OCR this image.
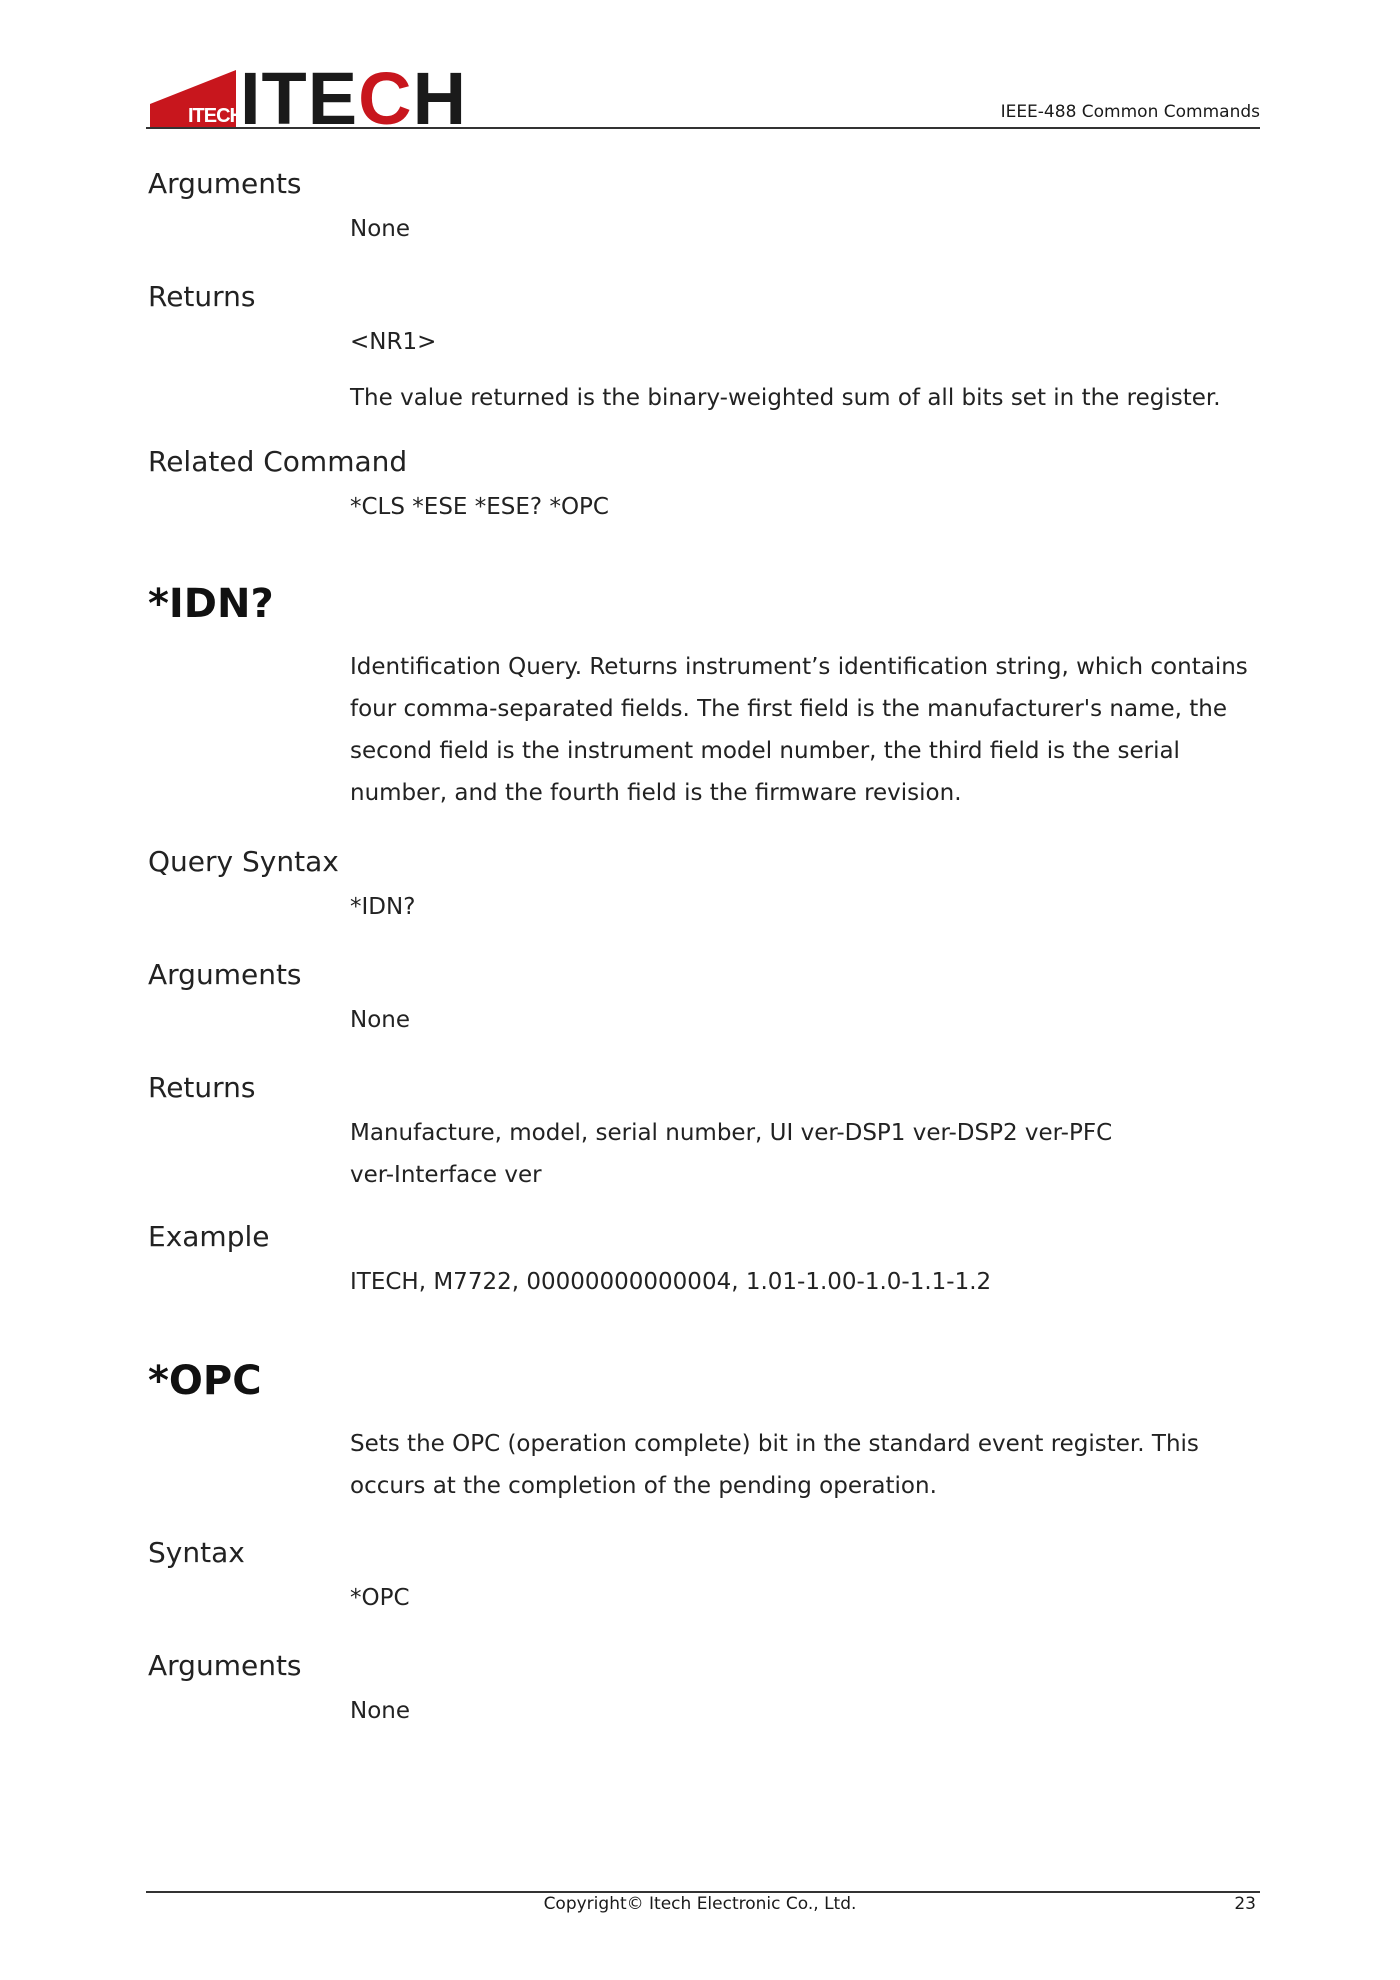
ITECH
ITECH	IEEE-488 Common Commands
Arguments
None
Returns
<NR1>
The value returned is the binary-weighted sum of all bits set in the register.
Related Command
*CLS *ESE *ESE? *OPC
*IDN?
Identification Query. Returns instrument’s identification string, which contains four comma-separated fields. The first field is the manufacturer's name, the second field is the instrument model number, the third field is the serial number, and the fourth field is the firmware revision.
Query Syntax
*IDN?
Arguments
None
Returns
Manufacture, model, serial number, UI ver-DSP1 ver-DSP2 ver-PFC ver-Interface ver
Example
ITECH, M7722, 00000000000004, 1.01-1.00-1.0-1.1-1.2
*OPC
Sets the OPC (operation complete) bit in the standard event register. This occurs at the completion of the pending operation.
Syntax
*OPC
Arguments
None
Copyright© Itech Electronic Co., Ltd.	23
